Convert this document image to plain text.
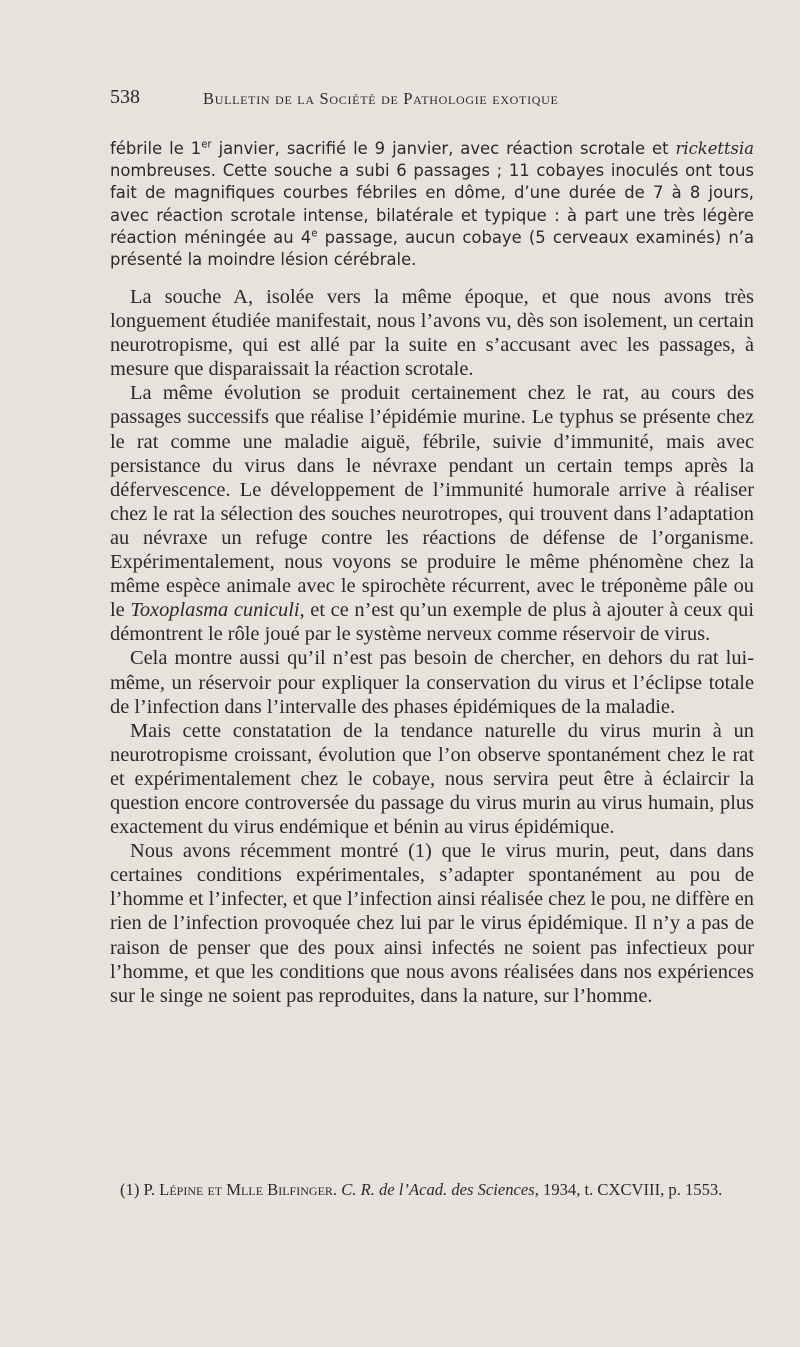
538	Bulletin de la Société de Pathologie exotique
fébrile le 1er janvier, sacrifié le 9 janvier, avec réaction scrotale et rickettsia nombreuses. Cette souche a subi 6 passages ; 11 cobayes inoculés ont tous fait de magnifiques courbes fébriles en dôme, d’une durée de 7 à 8 jours, avec réaction scrotale intense, bilatérale et typique : à part une très légère réaction méningée au 4e passage, aucun cobaye (5 cerveaux examinés) n’a présenté la moindre lésion cérébrale.

La souche A, isolée vers la même époque, et que nous avons très longuement étudiée manifestait, nous l’avons vu, dès son isolement, un certain neurotropisme, qui est allé par la suite en s’accusant avec les passages, à mesure que disparaissait la réaction scrotale.

La même évolution se produit certainement chez le rat, au cours des passages successifs que réalise l’épidémie murine. Le typhus se présente chez le rat comme une maladie aiguë, fébrile, suivie d’immunité, mais avec persistance du virus dans le névraxe pendant un certain temps après la défervescence. Le développement de l’immunité humorale arrive à réaliser chez le rat la sélection des souches neurotropes, qui trouvent dans l’adaptation au névraxe un refuge contre les réactions de défense de l’organisme. Expérimentalement, nous voyons se produire le même phénomène chez la même espèce animale avec le spirochète récurrent, avec le tréponème pâle ou le Toxoplasma cuniculi, et ce n’est qu’un exemple de plus à ajouter à ceux qui démontrent le rôle joué par le système nerveux comme réservoir de virus.

Cela montre aussi qu’il n’est pas besoin de chercher, en dehors du rat lui-même, un réservoir pour expliquer la conservation du virus et l’éclipse totale de l’infection dans l’intervalle des phases épidémiques de la maladie.

Mais cette constatation de la tendance naturelle du virus murin à un neurotropisme croissant, évolution que l’on observe spontanément chez le rat et expérimentalement chez le cobaye, nous servira peut être à éclaircir la question encore controversée du passage du virus murin au virus humain, plus exactement du virus endémique et bénin au virus épidémique.

Nous avons récemment montré (1) que le virus murin, peut, dans dans certaines conditions expérimentales, s’adapter spontanément au pou de l’homme et l’infecter, et que l’infection ainsi réalisée chez le pou, ne diffère en rien de l’infection provoquée chez lui par le virus épidémique. Il n’y a pas de raison de penser que des poux ainsi infectés ne soient pas infectieux pour l’homme, et que les conditions que nous avons réalisées dans nos expériences sur le singe ne soient pas reproduites, dans la nature, sur l’homme.

(1) P. Lépine et Mlle Bilfinger. C. R. de l’Acad. des Sciences, 1934, t. CXCVIII, p. 1553.
